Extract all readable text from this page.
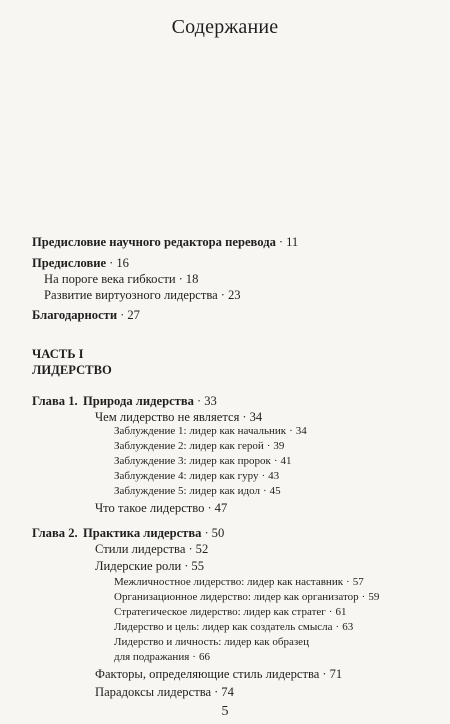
Содержание
Предисловие научного редактора перевода · 11
Предисловие · 16
На пороге века гибкости · 18
Развитие виртуозного лидерства · 23
Благодарности · 27
ЧАСТЬ I
ЛИДЕРСТВО
Глава 1. Природа лидерства · 33
Чем лидерство не является · 34
Заблуждение 1: лидер как начальник · 34
Заблуждение 2: лидер как герой · 39
Заблуждение 3: лидер как пророк · 41
Заблуждение 4: лидер как гуру · 43
Заблуждение 5: лидер как идол · 45
Что такое лидерство · 47
Глава 2. Практика лидерства · 50
Стили лидерства · 52
Лидерские роли · 55
Межличностное лидерство: лидер как наставник · 57
Организационное лидерство: лидер как организатор · 59
Стратегическое лидерство: лидер как стратег · 61
Лидерство и цель: лидер как создатель смысла · 63
Лидерство и личность: лидер как образец
для подражания · 66
Факторы, определяющие стиль лидерства · 71
Парадоксы лидерства · 74
5
